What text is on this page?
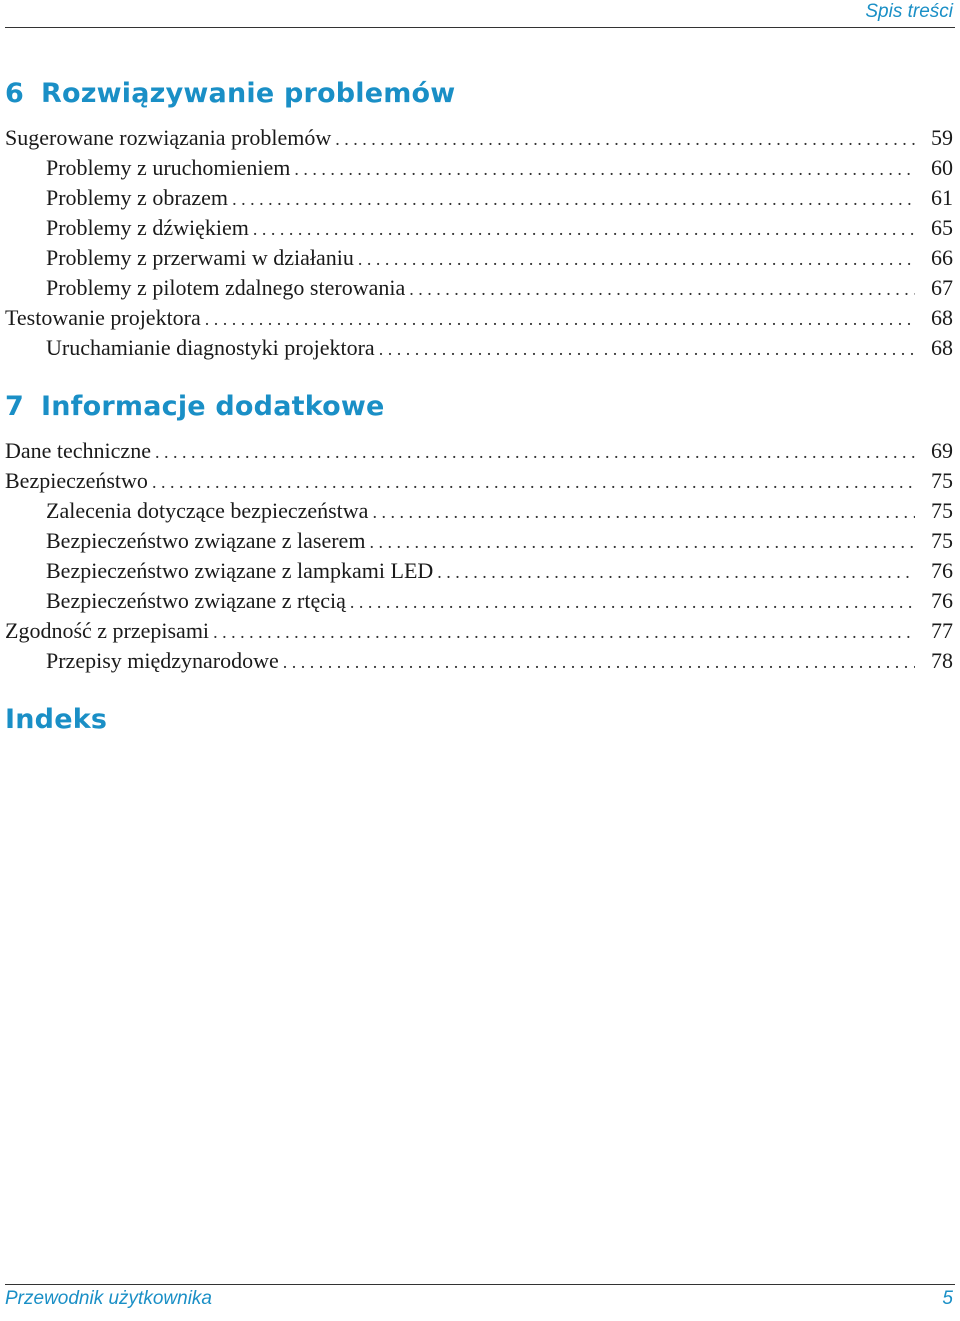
Spis treści
6 Rozwiązywanie problemów
Sugerowane rozwiązania problemów . . .	59
Problemy z uruchomieniem . . .	60
Problemy z obrazem . . .	61
Problemy z dźwiękiem . . .	65
Problemy z przerwami w działaniu . . .	66
Problemy z pilotem zdalnego sterowania . . .	67
Testowanie projektora . . .	68
Uruchamianie diagnostyki projektora . . .	68
7 Informacje dodatkowe
Dane techniczne . . .	69
Bezpieczeństwo . . .	75
Zalecenia dotyczące bezpieczeństwa . . .	75
Bezpieczeństwo związane z laserem . . .	75
Bezpieczeństwo związane z lampkami LED . . .	76
Bezpieczeństwo związane z rtęcią . . .	76
Zgodność z przepisami . . .	77
Przepisy międzynarodowe . . .	78
Indeks
Przewodnik użytkownika	5
